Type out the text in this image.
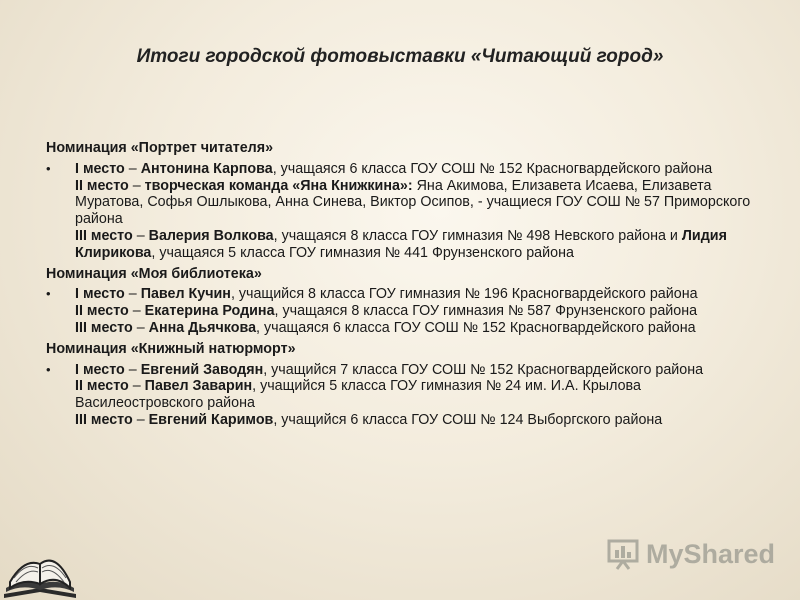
Итоги городской фотовыставки «Читающий город»
Номинация «Портрет читателя»
• I место – Антонина Карпова, учащаяся 6 класса ГОУ СОШ № 152 Красногвардейского района
II место – творческая команда «Яна Книжкина»: Яна Акимова, Елизавета Исаева, Елизавета Муратова, Софья Ошлыкова, Анна Синева, Виктор Осипов, - учащиеся ГОУ СОШ № 57 Приморского района
III место – Валерия Волкова, учащаяся 8 класса ГОУ гимназия № 498 Невского района и Лидия Клирикова, учащаяся 5 класса ГОУ гимназия № 441 Фрунзенского района
Номинация «Моя библиотека»
• I место – Павел Кучин, учащийся 8 класса ГОУ гимназия № 196 Красногвардейского района
II место – Екатерина Родина, учащаяся 8 класса ГОУ гимназия № 587 Фрунзенского района
III место – Анна Дьячкова, учащаяся 6 класса ГОУ СОШ № 152 Красногвардейского района
Номинация «Книжный натюрморт»
• I место – Евгений Заводян, учащийся 7 класса ГОУ СОШ № 152 Красногвардейского района
II место – Павел Заварин, учащийся 5 класса ГОУ гимназия № 24 им. И.А. Крылова Василеостровского района
III место – Евгений Каримов, учащийся 6 класса ГОУ СОШ № 124 Выборгского района
MyShared
